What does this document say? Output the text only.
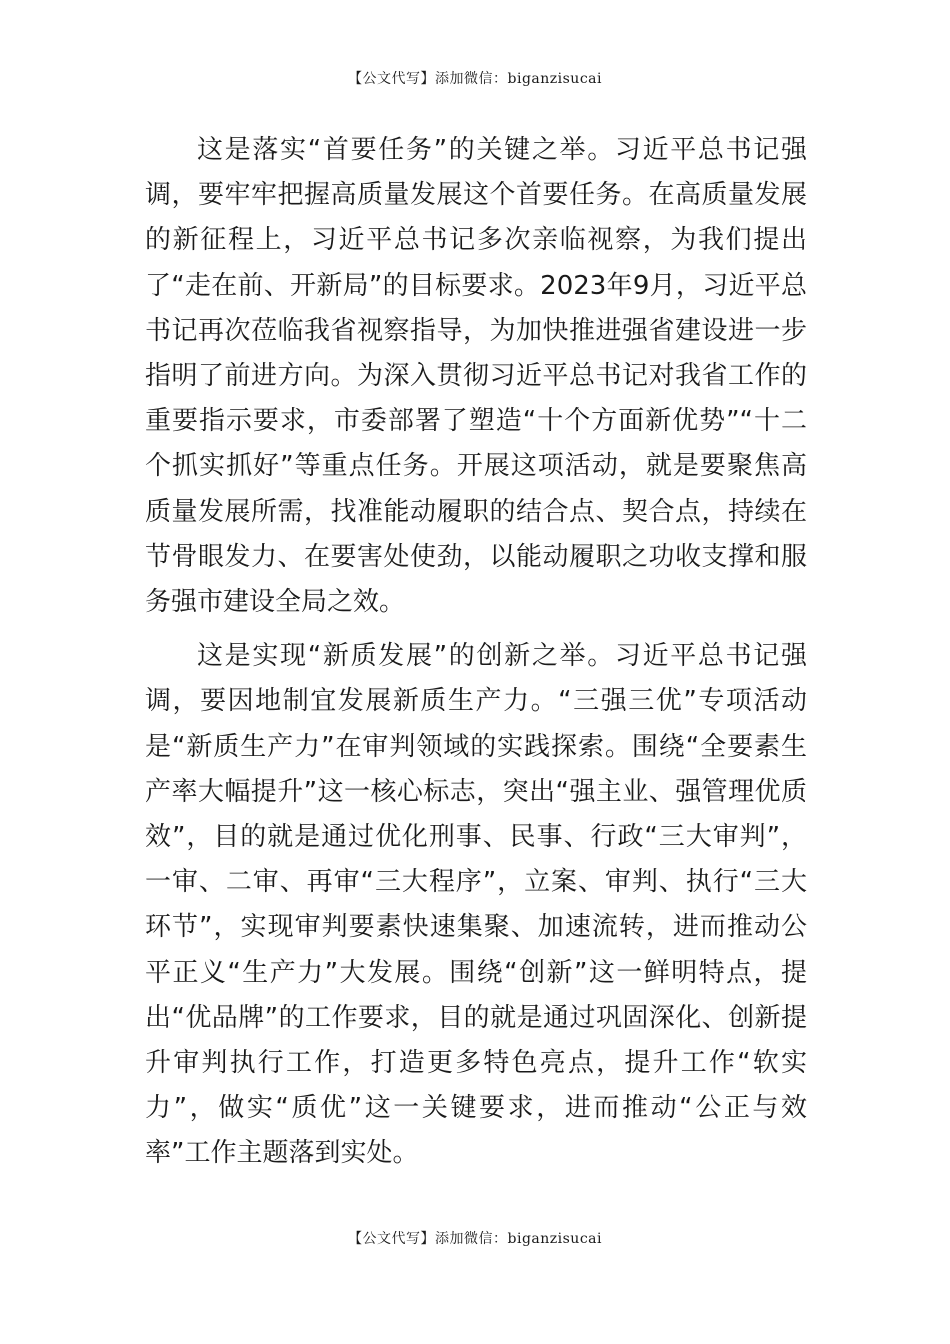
【公文代写】添加微信：biganzisucai

这是落实“首要任务”的关键之举。习近平总书记强调，要牢牢把握高质量发展这个首要任务。在高质量发展的新征程上，习近平总书记多次亲临视察，为我们提出了“走在前、开新局”的目标要求。2023年9月，习近平总书记再次莅临我省视察指导，为加快推进强省建设进一步指明了前进方向。为深入贯彻习近平总书记对我省工作的重要指示要求，市委部署了塑造“十个方面新优势”“十二个抓实抓好”等重点任务。开展这项活动，就是要聚焦高质量发展所需，找准能动履职的结合点、契合点，持续在节骨眼发力、在要害处使劲，以能动履职之功收支撑和服务强市建设全局之效。

这是实现“新质发展”的创新之举。习近平总书记强调，要因地制宜发展新质生产力。“三强三优”专项活动是“新质生产力”在审判领域的实践探索。围绕“全要素生产率大幅提升”这一核心标志，突出“强主业、强管理优质效”，目的就是通过优化刑事、民事、行政“三大审判”，一审、二审、再审“三大程序”，立案、审判、执行“三大环节”，实现审判要素快速集聚、加速流转，进而推动公平正义“生产力”大发展。围绕“创新”这一鲜明特点，提出“优品牌”的工作要求，目的就是通过巩固深化、创新提升审判执行工作，打造更多特色亮点，提升工作“软实力”，做实“质优”这一关键要求，进而推动“公正与效率”工作主题落到实处。

【公文代写】添加微信：biganzisucai
